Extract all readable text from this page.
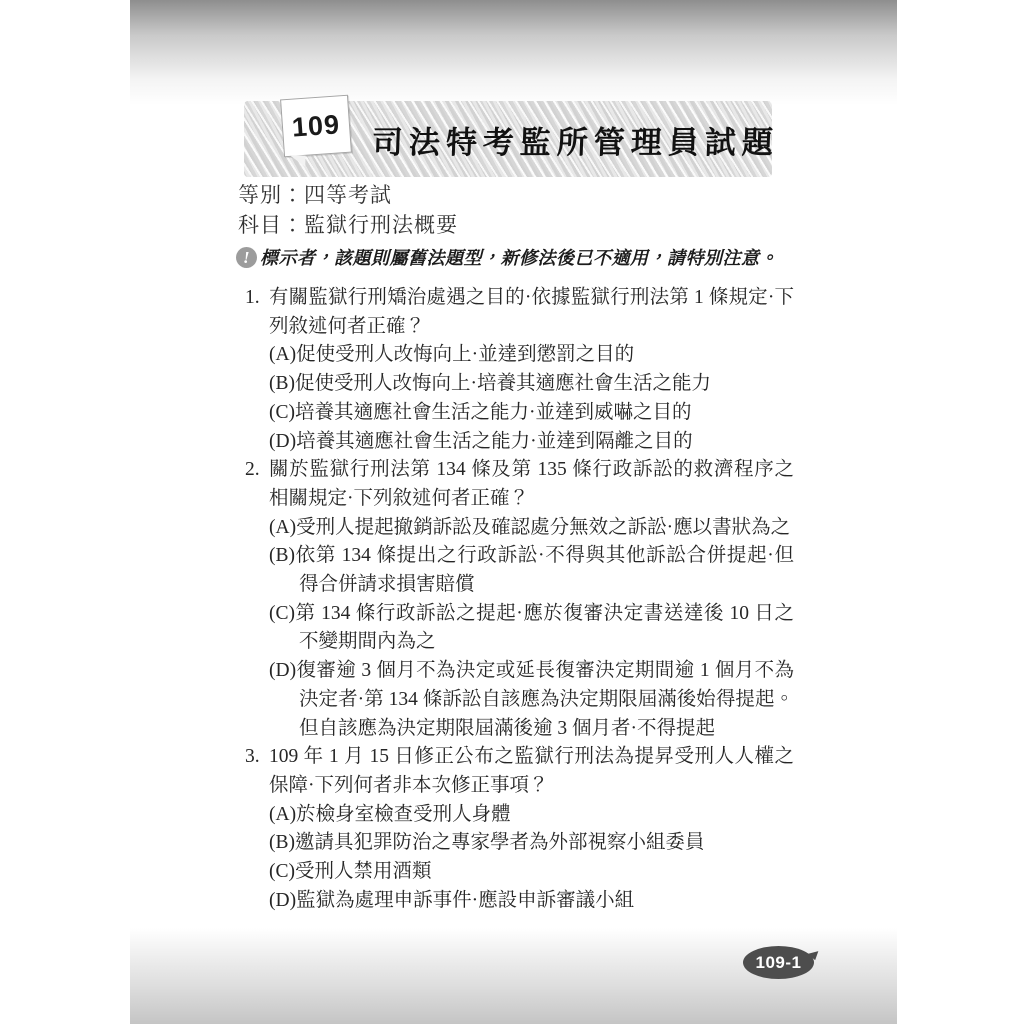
109 司法特考監所管理員試題
等別：四等考試
科目：監獄行刑法概要
! 標示者，該題則屬舊法題型，新修法後已不適用，請特別注意。
1. 有關監獄行刑矯治處遇之目的·依據監獄行刑法第 1 條規定·下列敘述何者正確？
(A)促使受刑人改悔向上·並達到懲罰之目的
(B)促使受刑人改悔向上·培養其適應社會生活之能力
(C)培養其適應社會生活之能力·並達到威嚇之目的
(D)培養其適應社會生活之能力·並達到隔離之目的
2. 關於監獄行刑法第 134 條及第 135 條行政訴訟的救濟程序之相關規定·下列敘述何者正確？
(A)受刑人提起撤銷訴訟及確認處分無效之訴訟·應以書狀為之
(B)依第 134 條提出之行政訴訟·不得與其他訴訟合併提起·但得合併請求損害賠償
(C)第 134 條行政訴訟之提起·應於復審決定書送達後 10 日之不變期間內為之
(D)復審逾 3 個月不為決定或延長復審決定期間逾 1 個月不為決定者·第 134 條訴訟自該應為決定期限屆滿後始得提起。但自該應為決定期限屆滿後逾 3 個月者·不得提起
3. 109 年 1 月 15 日修正公布之監獄行刑法為提昇受刑人人權之保障·下列何者非本次修正事項？
(A)於檢身室檢查受刑人身體
(B)邀請具犯罪防治之專家學者為外部視察小組委員
(C)受刑人禁用酒類
(D)監獄為處理申訴事件·應設申訴審議小組
109-1
